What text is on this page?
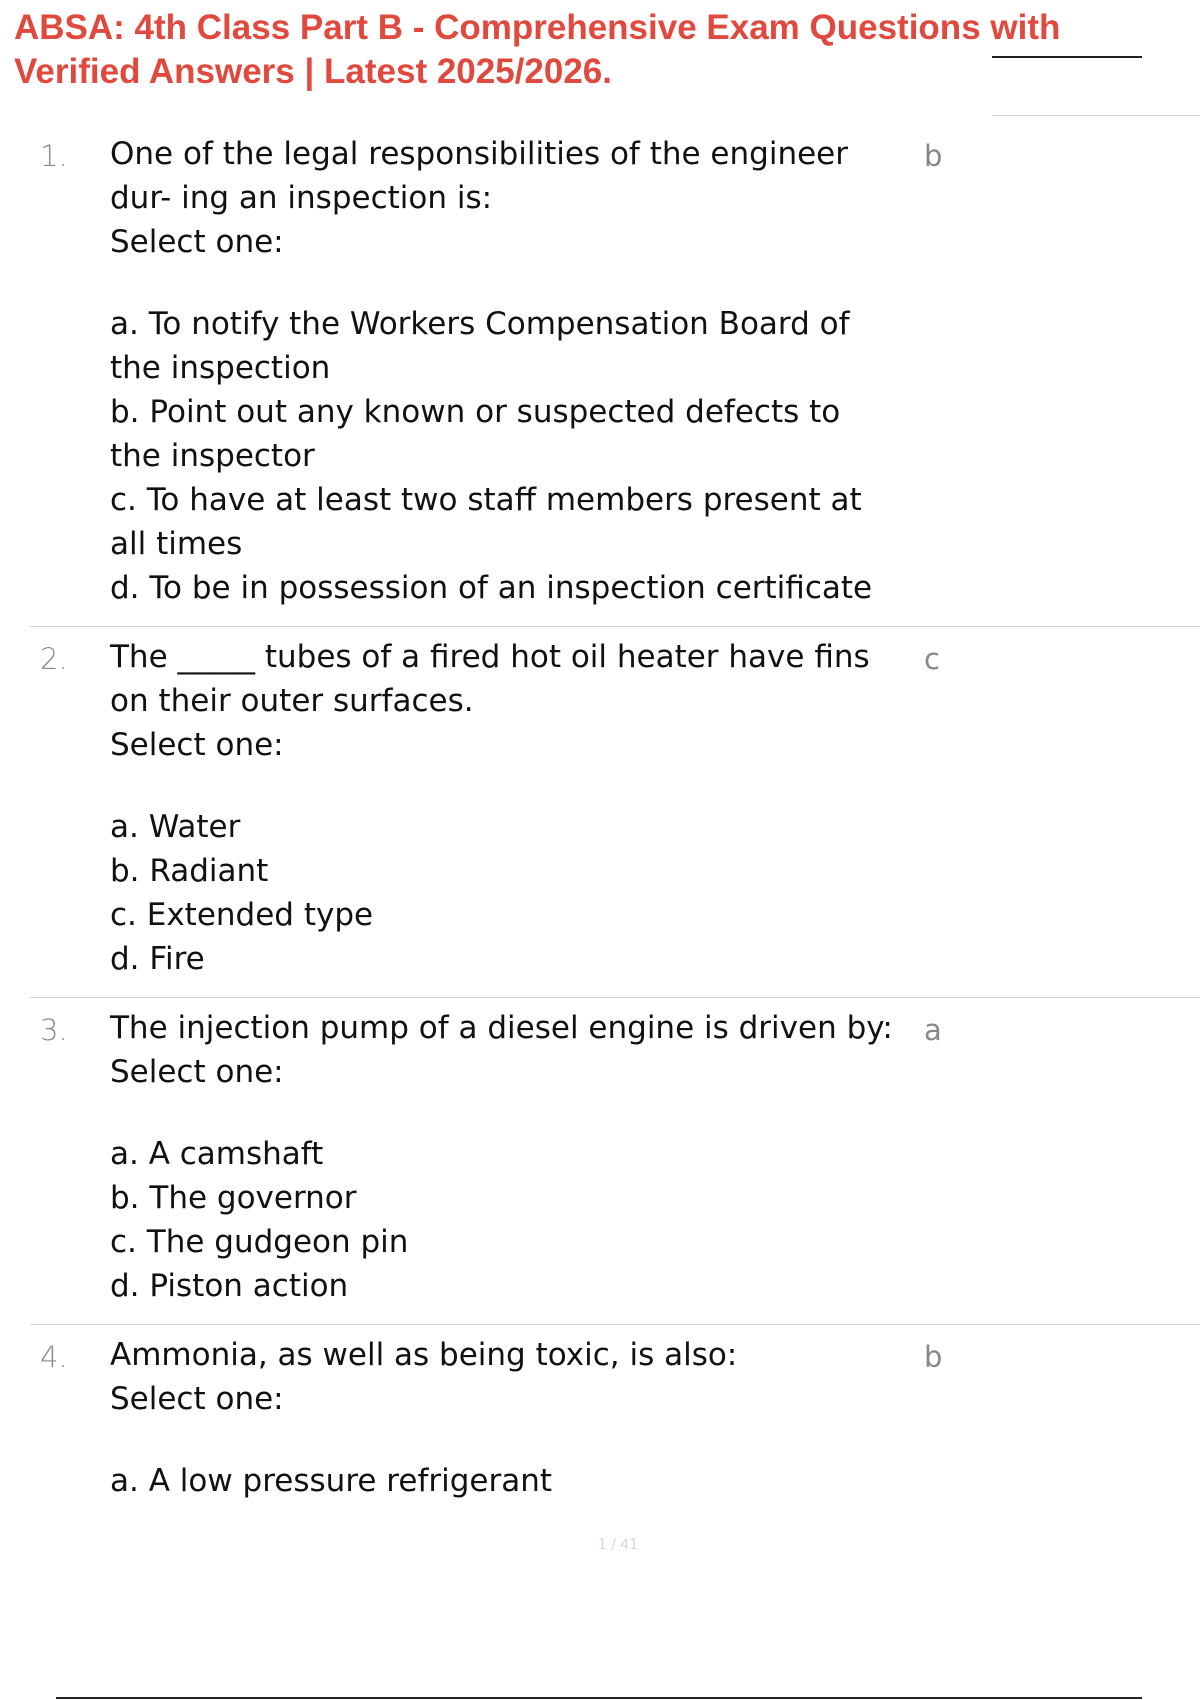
ABSA: 4th Class Part B - Comprehensive Exam Questions with Verified Answers | Latest 2025/2026.
1.	b

One of the legal responsibilities of the engineer dur- ing an inspection is:

Select one:

a. To notify the Workers Compensation Board of the inspection
b. Point out any known or suspected defects to the inspector
c. To have at least two staff members present at all times
d. To be in possession of an inspection certificate
2.	c

The _____ tubes of a fired hot oil heater have fins on their outer surfaces.

Select one:

a. Water
b. Radiant
c. Extended type
d. Fire
3.	a

The injection pump of a diesel engine is driven by:

Select one:

a. A camshaft
b. The governor
c. The gudgeon pin
d. Piston action
4.	b

Ammonia, as well as being toxic, is also:

Select one:

a. A low pressure refrigerant
1 / 41
